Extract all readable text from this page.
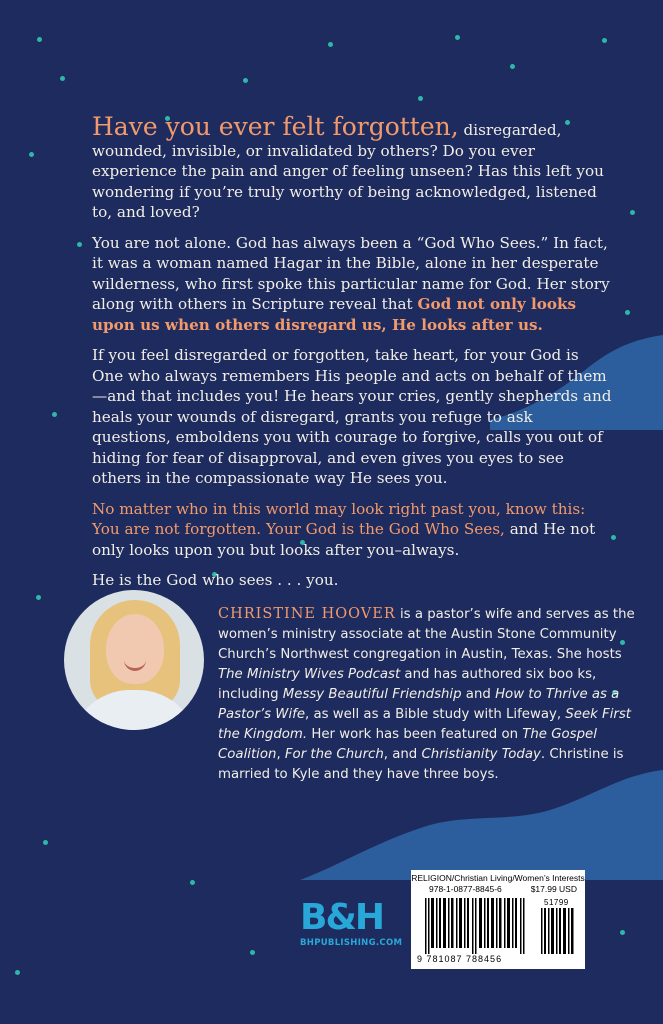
Have you ever felt forgotten, disregarded, wounded, invisible, or invalidated by others? Do you ever experience the pain and anger of feeling unseen? Has this left you wondering if you’re truly worthy of being acknowledged, listened to, and loved?

You are not alone. God has always been a “God Who Sees.” In fact, it was a woman named Hagar in the Bible, alone in her desperate wilderness, who first spoke this particular name for God. Her story along with others in Scripture reveal that God not only looks upon us when others disregard us, He looks after us.

If you feel disregarded or forgotten, take heart, for your God is One who always remembers His people and acts on behalf of them—and that includes you! He hears your cries, gently shepherds and heals your wounds of disregard, grants you refuge to ask questions, emboldens you with courage to forgive, calls you out of hiding for fear of disapproval, and even gives you eyes to see others in the compassionate way He sees you.

No matter who in this world may look right past you, know this: You are not forgotten. Your God is the God Who Sees, and He not only looks upon you but looks after you–always.

He is the God who sees . . . you.

CHRISTINE HOOVER is a pastor’s wife and serves as the women’s ministry associate at the Austin Stone Community Church’s Northwest congregation in Austin, Texas. She hosts The Ministry Wives Podcast and has authored six boo ks, including Messy Beautiful Friendship and How to Thrive as a Pastor’s Wife, as well as a Bible study with Lifeway, Seek First the Kingdom. Her work has been featured on The Gospel Coalition, For the Church, and Christianity Today. Christine is married to Kyle and they have three boys.
B&H
BHPUBLISHING.COM
RELIGION/Christian Living/Women’s Interests
978-1-0877-8845-6	$17.99 USD
51799
9 781087 788456
